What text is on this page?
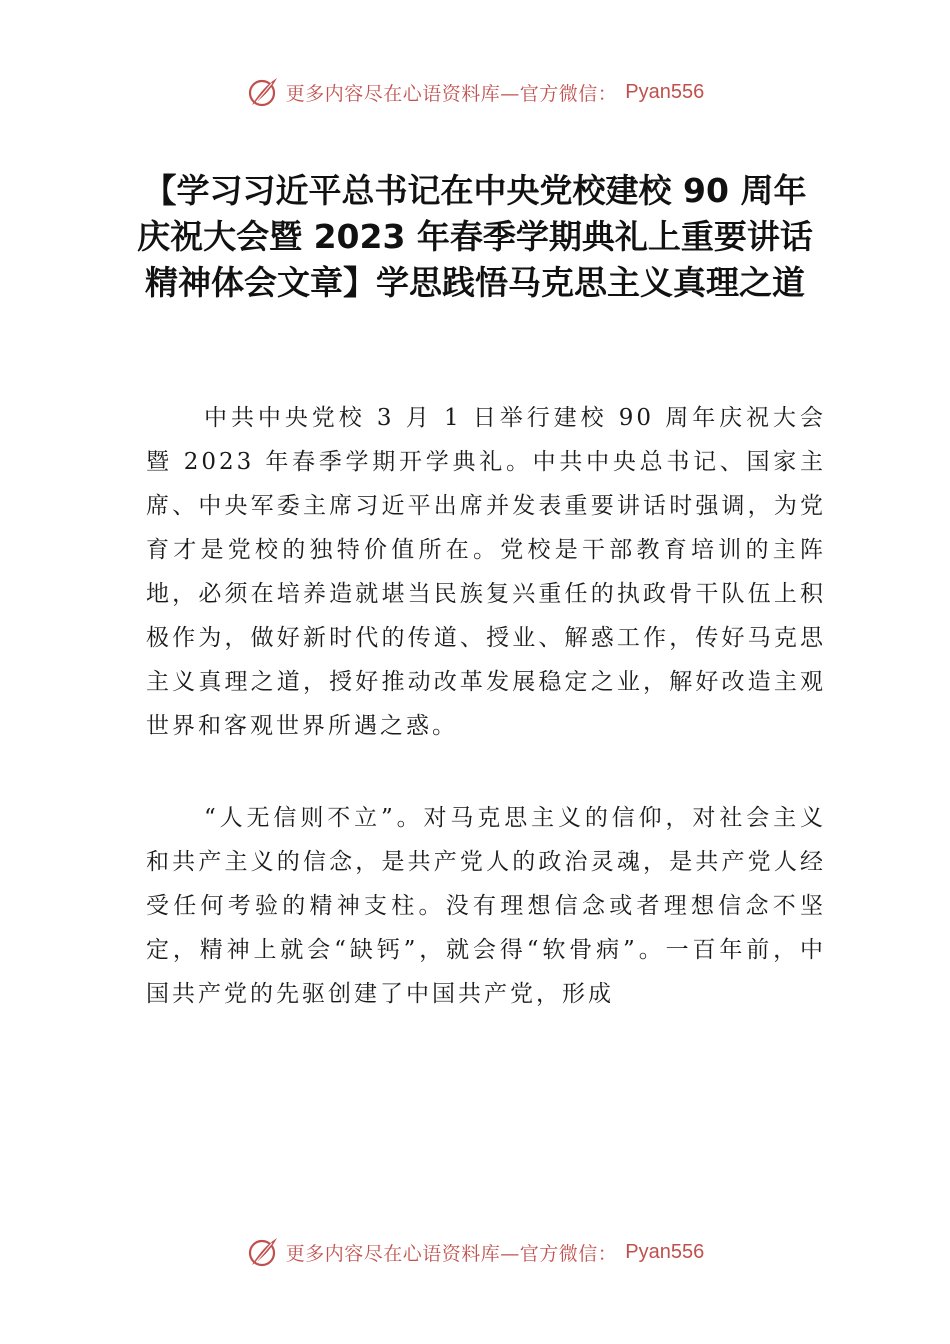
更多内容尽在心语资料库—官方微信： Pyan556
【学习习近平总书记在中央党校建校 90 周年庆祝大会暨 2023 年春季学期典礼上重要讲话精神体会文章】学思践悟马克思主义真理之道

中共中央党校 3 月 1 日举行建校 90 周年庆祝大会暨 2023 年春季学期开学典礼。中共中央总书记、国家主席、中央军委主席习近平出席并发表重要讲话时强调，为党育才是党校的独特价值所在。党校是干部教育培训的主阵地，必须在培养造就堪当民族复兴重任的执政骨干队伍上积极作为，做好新时代的传道、授业、解惑工作，传好马克思主义真理之道，授好推动改革发展稳定之业，解好改造主观世界和客观世界所遇之惑。

“人无信则不立”。对马克思主义的信仰，对社会主义和共产主义的信念，是共产党人的政治灵魂，是共产党人经受任何考验的精神支柱。没有理想信念或者理想信念不坚定，精神上就会“缺钙”，就会得“软骨病”。一百年前，中国共产党的先驱创建了中国共产党，形成

更多内容尽在心语资料库—官方微信： Pyan556
